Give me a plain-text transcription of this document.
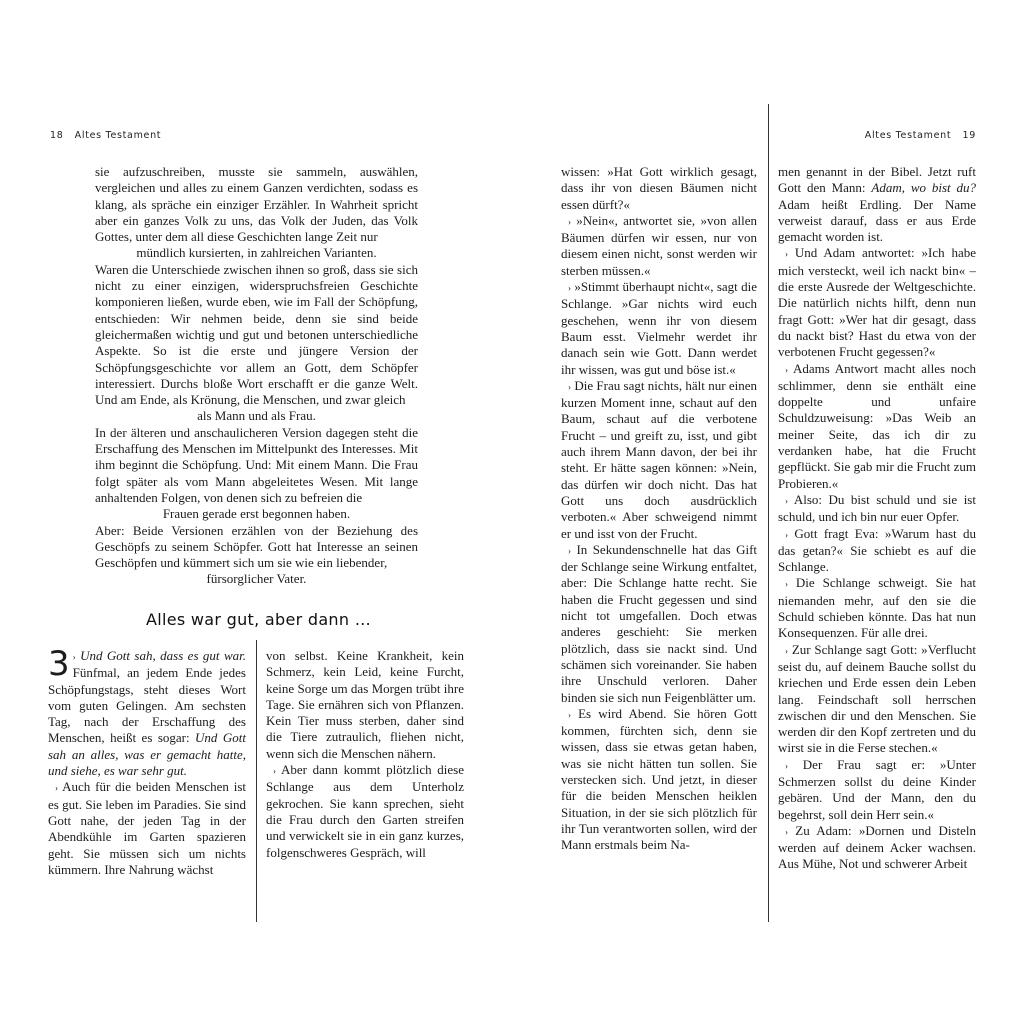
18 Altes Testament	Altes Testament 19

sie aufzuschreiben, musste sie sammeln, auswählen, vergleichen und alles zu einem Ganzen verdichten, sodass es klang, als spräche ein einziger Erzähler. In Wahrheit spricht aber ein ganzes Volk zu uns, das Volk der Juden, das Volk Gottes, unter dem all diese Geschichten lange Zeit nur

mündlich kursierten, in zahlreichen Varianten.

Waren die Unterschiede zwischen ihnen so groß, dass sie sich nicht zu einer einzigen, widerspruchsfreien Geschichte komponieren ließen, wurde eben, wie im Fall der Schöpfung, entschieden: Wir nehmen beide, denn sie sind beide gleichermaßen wichtig und gut und betonen unterschiedliche Aspekte. So ist die erste und jüngere Version der Schöpfungsgeschichte vor allem an Gott, dem Schöpfer interessiert. Durchs bloße Wort erschafft er die ganze Welt. Und am Ende, als Krönung, die Menschen, und zwar gleich

als Mann und als Frau.

In der älteren und anschaulicheren Version dagegen steht die Erschaffung des Menschen im Mittelpunkt des Interesses. Mit ihm beginnt die Schöpfung. Und: Mit einem Mann. Die Frau folgt später als vom Mann abgeleitetes Wesen. Mit lange anhaltenden Folgen, von denen sich zu befreien die

Frauen gerade erst begonnen haben.

Aber: Beide Versionen erzählen von der Beziehung des Geschöpfs zu seinem Schöpfer. Gott hat Interesse an seinen Geschöpfen und kümmert sich um sie wie ein liebender,

fürsorglicher Vater.

Alles war gut, aber dann …

3 › Und Gott sah, dass es gut war. Fünfmal, an jedem Ende jedes Schöpfungstags, steht dieses Wort vom guten Gelingen. Am sechsten Tag, nach der Erschaffung des Menschen, heißt es sogar: Und Gott sah an alles, was er gemacht hatte, und siehe, es war sehr gut.

› Auch für die beiden Menschen ist es gut. Sie leben im Paradies. Sie sind Gott nahe, der jeden Tag in der Abendkühle im Garten spazieren geht. Sie müssen sich um nichts kümmern. Ihre Nahrung wächst

von selbst. Keine Krankheit, kein Schmerz, kein Leid, keine Furcht, keine Sorge um das Morgen trübt ihre Tage. Sie ernähren sich von Pflanzen. Kein Tier muss sterben, daher sind die Tiere zutraulich, fliehen nicht, wenn sich die Menschen nähern.

› Aber dann kommt plötzlich diese Schlange aus dem Unterholz gekrochen. Sie kann sprechen, sieht die Frau durch den Garten streifen und verwickelt sie in ein ganz kurzes, folgenschweres Gespräch, will

wissen: »Hat Gott wirklich gesagt, dass ihr von diesen Bäumen nicht essen dürft?«

› »Nein«, antwortet sie, »von allen Bäumen dürfen wir essen, nur von diesem einen nicht, sonst werden wir sterben müssen.«

› »Stimmt überhaupt nicht«, sagt die Schlange. »Gar nichts wird euch geschehen, wenn ihr von diesem Baum esst. Vielmehr werdet ihr danach sein wie Gott. Dann werdet ihr wissen, was gut und böse ist.«

› Die Frau sagt nichts, hält nur einen kurzen Moment inne, schaut auf den Baum, schaut auf die verbotene Frucht – und greift zu, isst, und gibt auch ihrem Mann davon, der bei ihr steht. Er hätte sagen können: »Nein, das dürfen wir doch nicht. Das hat Gott uns doch ausdrücklich verboten.« Aber schweigend nimmt er und isst von der Frucht.

› In Sekundenschnelle hat das Gift der Schlange seine Wirkung entfaltet, aber: Die Schlange hatte recht. Sie haben die Frucht gegessen und sind nicht tot umgefallen. Doch etwas anderes geschieht: Sie merken plötzlich, dass sie nackt sind. Und schämen sich voreinander. Sie haben ihre Unschuld verloren. Daher binden sie sich nun Feigenblätter um.

› Es wird Abend. Sie hören Gott kommen, fürchten sich, denn sie wissen, dass sie etwas getan haben, was sie nicht hätten tun sollen. Sie verstecken sich. Und jetzt, in dieser für die beiden Menschen heiklen Situation, in der sie sich plötzlich für ihr Tun verantworten sollen, wird der Mann erstmals beim Na-

men genannt in der Bibel. Jetzt ruft Gott den Mann: Adam, wo bist du? Adam heißt Erdling. Der Name verweist darauf, dass er aus Erde gemacht worden ist.

› Und Adam antwortet: »Ich habe mich versteckt, weil ich nackt bin« – die erste Ausrede der Weltgeschichte. Die natürlich nichts hilft, denn nun fragt Gott: »Wer hat dir gesagt, dass du nackt bist? Hast du etwa von der verbotenen Frucht gegessen?«

› Adams Antwort macht alles noch schlimmer, denn sie enthält eine doppelte und unfaire Schuldzuweisung: »Das Weib an meiner Seite, das ich dir zu verdanken habe, hat die Frucht gepflückt. Sie gab mir die Frucht zum Probieren.«

› Also: Du bist schuld und sie ist schuld, und ich bin nur euer Opfer.

› Gott fragt Eva: »Warum hast du das getan?« Sie schiebt es auf die Schlange.

› Die Schlange schweigt. Sie hat niemanden mehr, auf den sie die Schuld schieben könnte. Das hat nun Konsequenzen. Für alle drei.

› Zur Schlange sagt Gott: »Verflucht seist du, auf deinem Bauche sollst du kriechen und Erde essen dein Leben lang. Feindschaft soll herrschen zwischen dir und den Menschen. Sie werden dir den Kopf zertreten und du wirst sie in die Ferse stechen.«

› Der Frau sagt er: »Unter Schmerzen sollst du deine Kinder gebären. Und der Mann, den du begehrst, soll dein Herr sein.«

› Zu Adam: »Dornen und Disteln werden auf deinem Acker wachsen. Aus Mühe, Not und schwerer Arbeit
